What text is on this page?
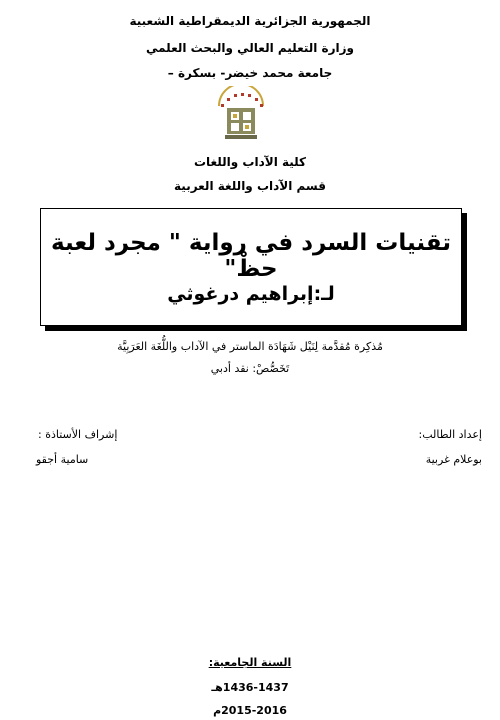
الجمهورية الجزائرية الديمقراطية الشعبية
وزارة التعليم العالي والبحث العلمي
جامعة محمد خيضر- بسكرة –
كلية الآداب واللغات
قسم الآداب واللغة العربية
تقنيات السرد في رواية " مجرد لعبة حظْ"
لـ:إبراهيم درغوثي
مُذكِرة مُقدَّمة لِنَيْل شَهَادَة الماستر في الآداب واللُّغَة العَرَبِيَّة
تَخَصُّصْ: نقد أدبي
إعداد الطالب:
بوعلام غربية
إشراف الأستاذة :
سامية أجقو
السنة الجامعية:
1436-1437هـ
2015-2016م
